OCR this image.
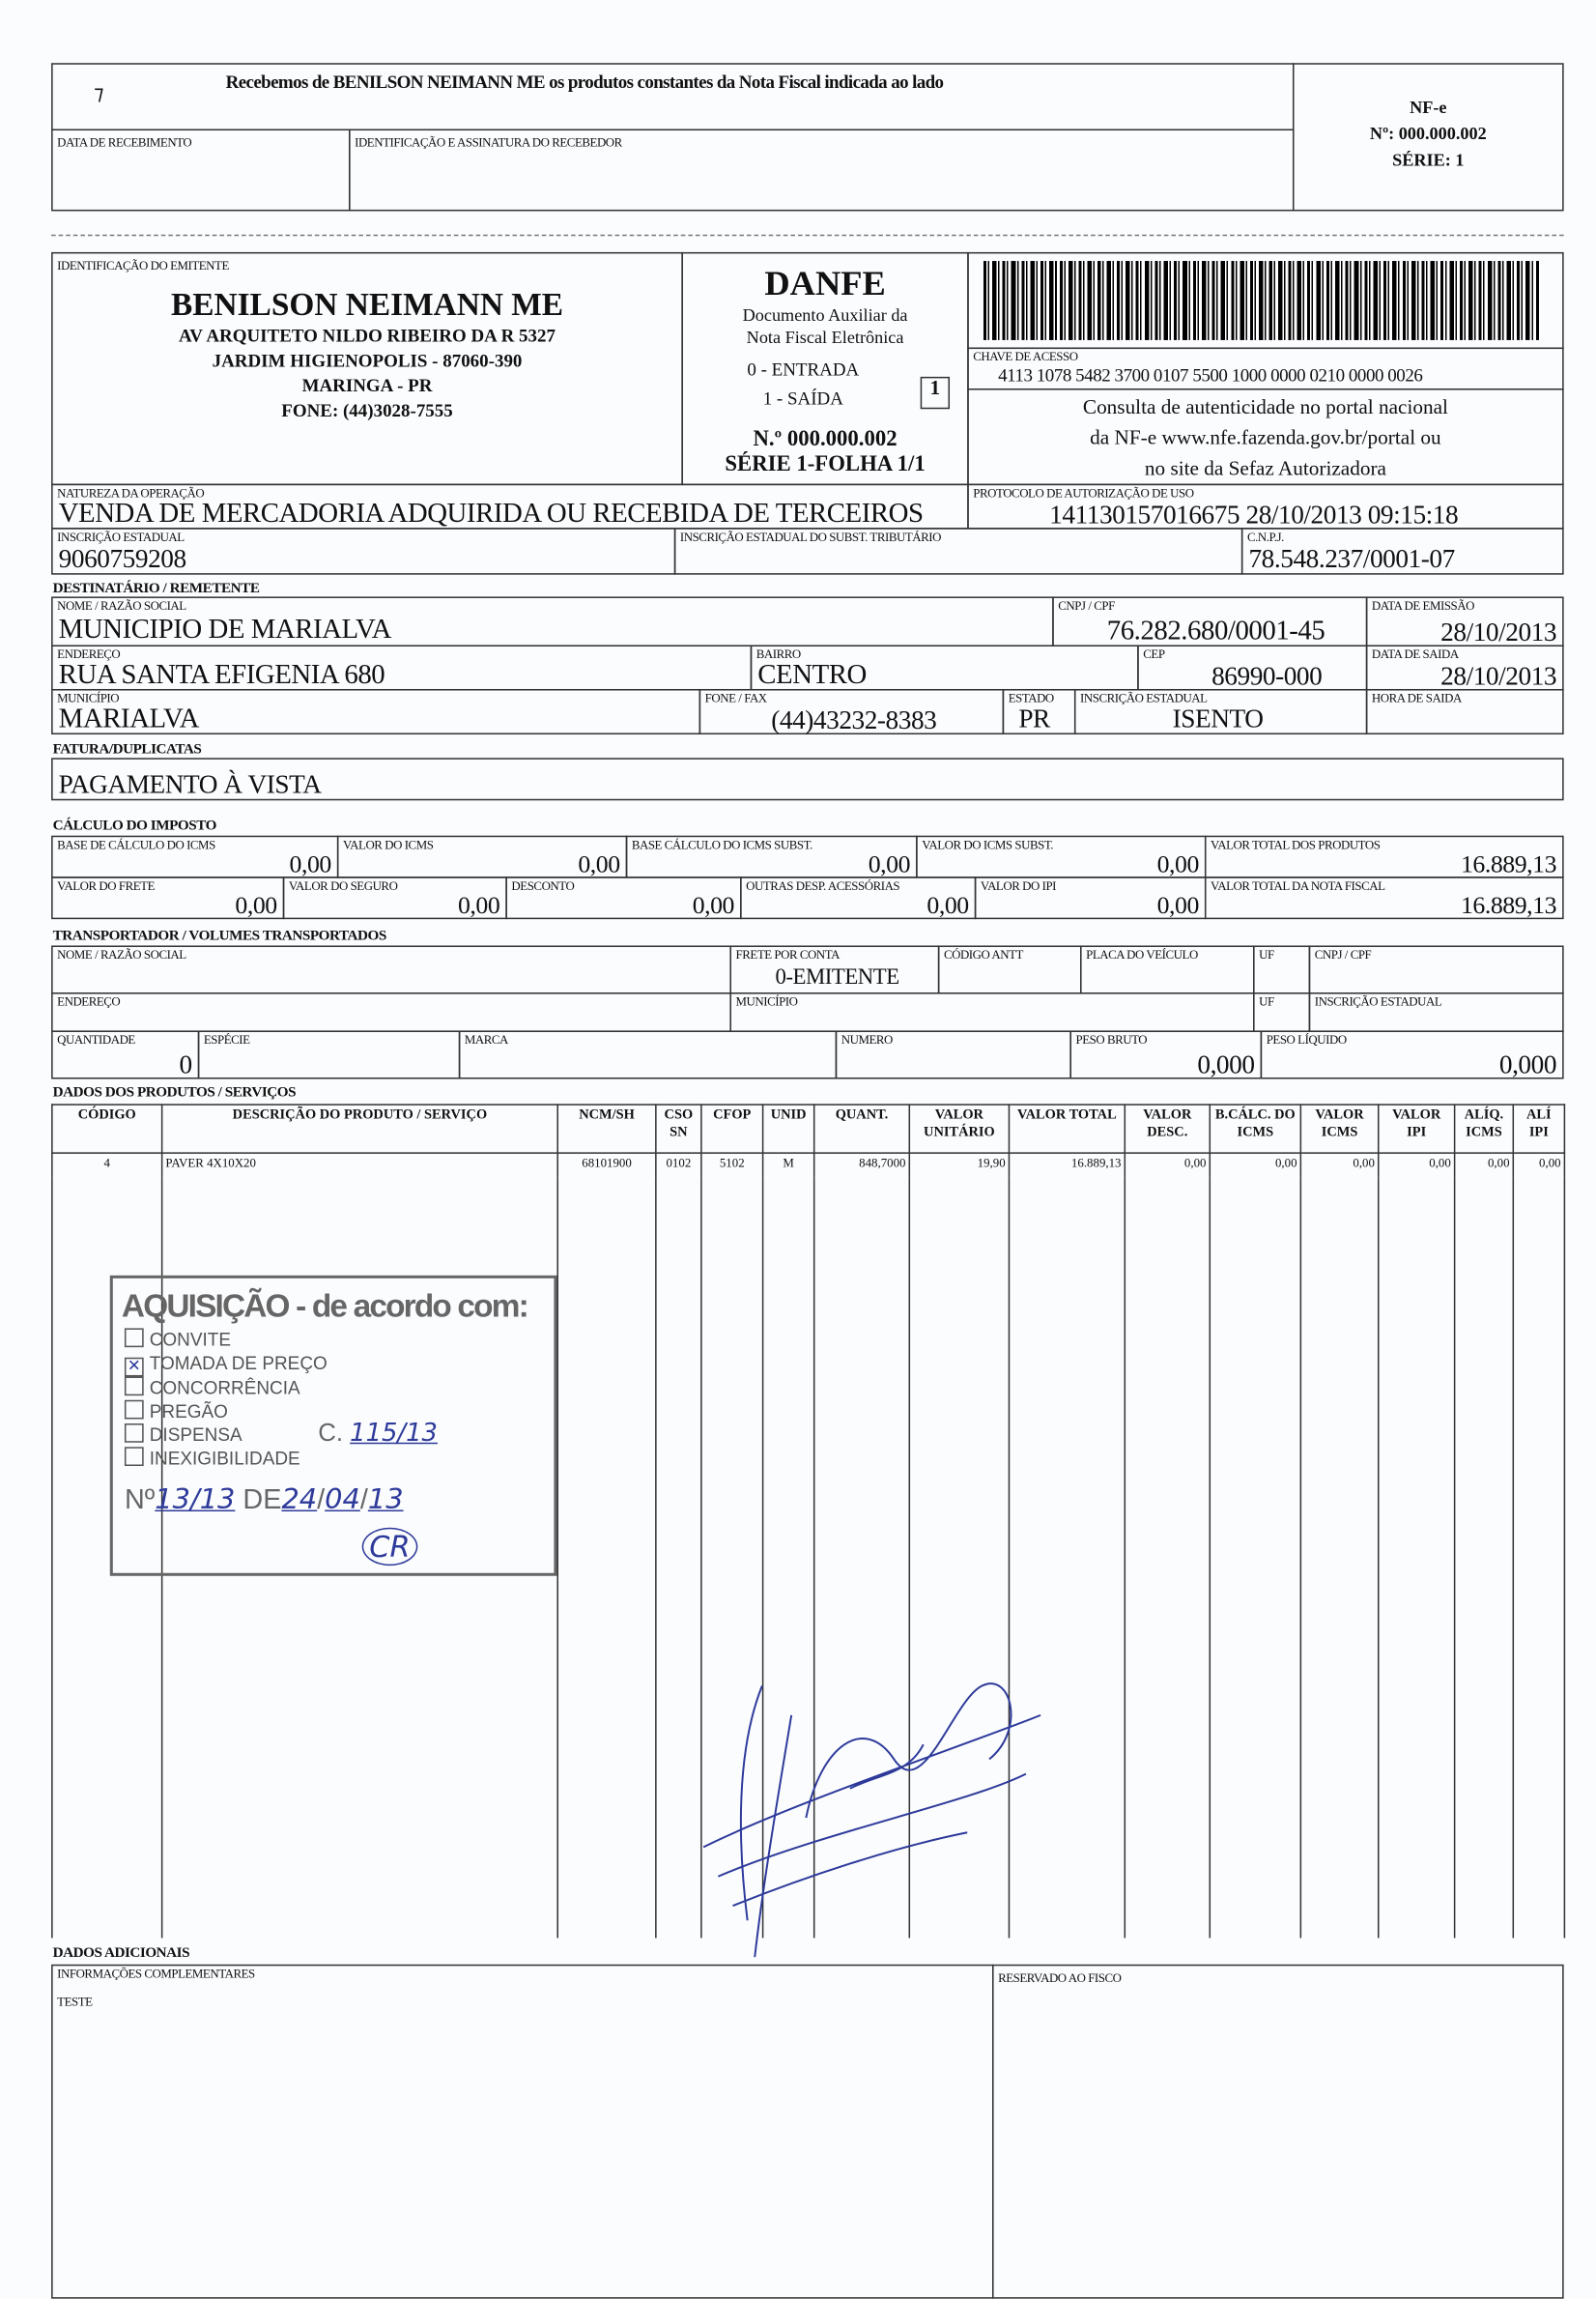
⁊
Recebemos de BENILSON NEIMANN ME os produtos constantes da Nota Fiscal indicada ao lado
DATA DE RECEBIMENTO	IDENTIFICAÇÃO E ASSINATURA DO RECEBEDOR
NF-e
Nº: 000.000.002
SÉRIE: 1
IDENTIFICAÇÃO DO EMITENTE
BENILSON NEIMANN ME
AV ARQUITETO NILDO RIBEIRO DA R 5327
JARDIM HIGIENOPOLIS - 87060-390
MARINGA - PR
FONE: (44)3028-7555
DANFE
Documento Auxiliar da
Nota Fiscal Eletrônica
0 - ENTRADA
1 - SAÍDA	1
N.º 000.000.002
SÉRIE 1-FOLHA 1/1
CHAVE DE ACESSO
4113 1078 5482 3700 0107 5500 1000 0000 0210 0000 0026
Consulta de autenticidade no portal nacional
da NF-e www.nfe.fazenda.gov.br/portal ou
no site da Sefaz Autorizadora
NATUREZA DA OPERAÇÃO
VENDA DE MERCADORIA ADQUIRIDA OU RECEBIDA DE TERCEIROS
PROTOCOLO DE AUTORIZAÇÃO DE USO
141130157016675 28/10/2013 09:15:18
INSCRIÇÃO ESTADUAL
9060759208
INSCRIÇÃO ESTADUAL DO SUBST. TRIBUTÁRIO	C.N.P.J.
78.548.237/0001-07
DESTINATÁRIO / REMETENTE
NOME / RAZÃO SOCIAL
MUNICIPIO DE MARIALVA
CNPJ / CPF
76.282.680/0001-45
DATA DE EMISSÃO
28/10/2013
ENDEREÇO
RUA SANTA EFIGENIA 680
BAIRRO
CENTRO
CEP
86990-000
DATA DE SAIDA
28/10/2013
MUNICÍPIO
MARIALVA
FONE / FAX
(44)43232-8383
ESTADO
PR
INSCRIÇÃO ESTADUAL
ISENTO
HORA DE SAIDA
FATURA/DUPLICATAS
PAGAMENTO À VISTA
CÁLCULO DO IMPOSTO
BASE DE CÁLCULO DO ICMS
0,00
VALOR DO ICMS
0,00
BASE CÁLCULO DO ICMS SUBST.
0,00
VALOR DO ICMS SUBST.
0,00
VALOR TOTAL DOS PRODUTOS
16.889,13
VALOR DO FRETE
0,00
VALOR DO SEGURO
0,00
DESCONTO
0,00
OUTRAS DESP. ACESSÓRIAS
0,00
VALOR DO IPI
0,00
VALOR TOTAL DA NOTA FISCAL
16.889,13
TRANSPORTADOR / VOLUMES TRANSPORTADOS
NOME / RAZÃO SOCIAL	FRETE POR CONTA
0-EMITENTE
CÓDIGO ANTT	PLACA DO VEÍCULO	UF	CNPJ / CPF
ENDEREÇO	MUNICÍPIO	UF	INSCRIÇÃO ESTADUAL
QUANTIDADE
0
ESPÉCIE	MARCA	NUMERO	PESO BRUTO
0,000
PESO LÍQUIDO
0,000
DADOS DOS PRODUTOS / SERVIÇOS
CÓDIGO	DESCRIÇÃO DO PRODUTO / SERVIÇO	NCM/SH	CSO SN	CFOP	UNID	QUANT.	VALOR UNITÁRIO	VALOR TOTAL	VALOR DESC.	B.CÁLC. DO ICMS	VALOR ICMS	VALOR IPI	ALÍQ. ICMS	ALÍ IPI
4	PAVER 4X10X20	68101900	0102	5102	M	848,7000	19,90	16.889,13	0,00	0,00	0,00	0,00	0,00	0,00

AQUISIÇÃO - de acordo com:
CONVITE
✕ TOMADA DE PREÇO
CONCORRÊNCIA
PREGÃO
DISPENSA
INEXIGIBILIDADE
C. 115/13
Nº13/13 DE24/04/13
CR
DADOS ADICIONAIS
INFORMAÇÕES COMPLEMENTARES
TESTE
RESERVADO AO FISCO
